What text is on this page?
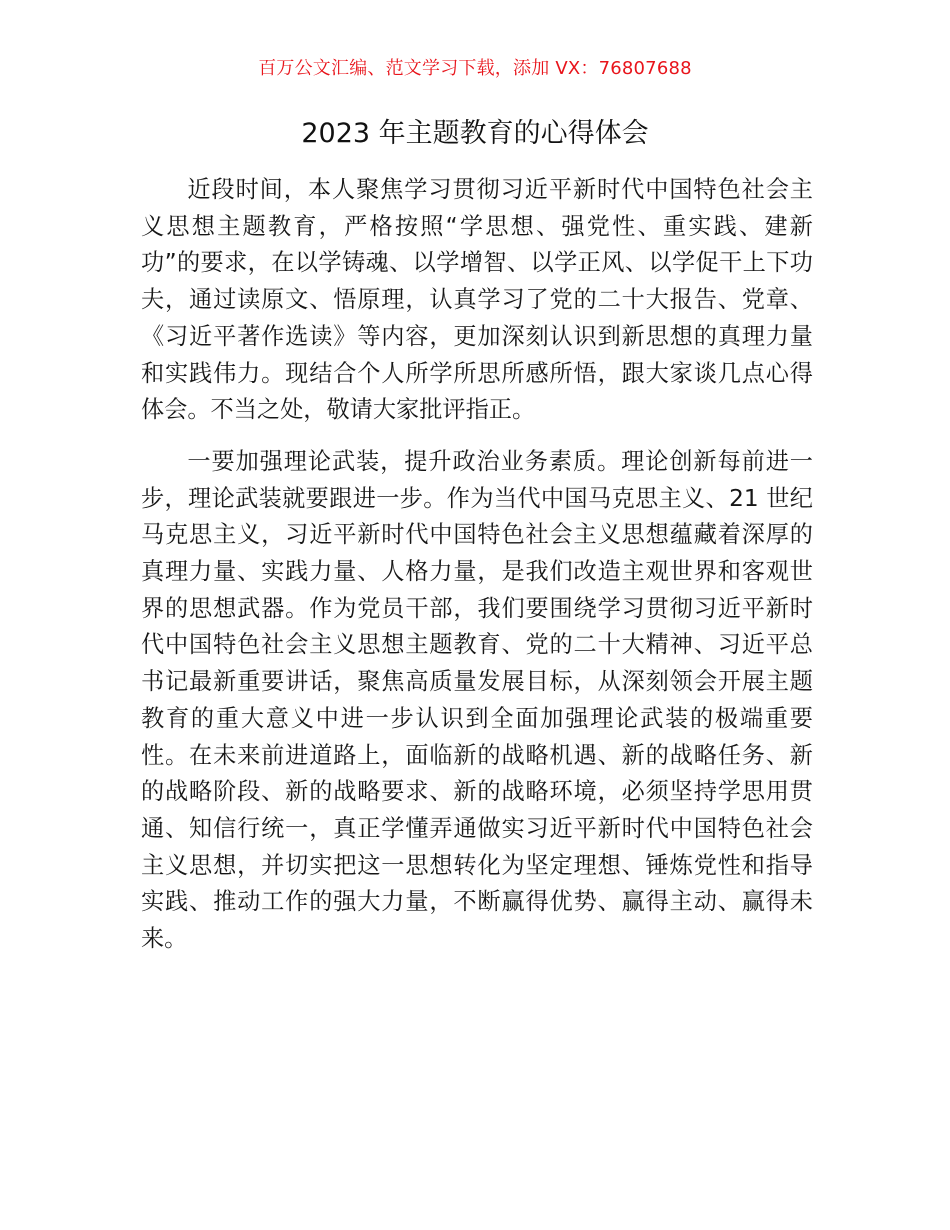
百万公文汇编、范文学习下载，添加 VX：76807688
2023 年主题教育的心得体会

近段时间，本人聚焦学习贯彻习近平新时代中国特色社会主义思想主题教育，严格按照“学思想、强党性、重实践、建新功”的要求，在以学铸魂、以学增智、以学正风、以学促干上下功夫，通过读原文、悟原理，认真学习了党的二十大报告、党章、《习近平著作选读》等内容，更加深刻认识到新思想的真理力量和实践伟力。现结合个人所学所思所感所悟，跟大家谈几点心得体会。不当之处，敬请大家批评指正。

一要加强理论武装，提升政治业务素质。理论创新每前进一步，理论武装就要跟进一步。作为当代中国马克思主义、21 世纪马克思主义，习近平新时代中国特色社会主义思想蕴藏着深厚的真理力量、实践力量、人格力量，是我们改造主观世界和客观世界的思想武器。作为党员干部，我们要围绕学习贯彻习近平新时代中国特色社会主义思想主题教育、党的二十大精神、习近平总书记最新重要讲话，聚焦高质量发展目标，从深刻领会开展主题教育的重大意义中进一步认识到全面加强理论武装的极端重要性。在未来前进道路上，面临新的战略机遇、新的战略任务、新的战略阶段、新的战略要求、新的战略环境，必须坚持学思用贯通、知信行统一，真正学懂弄通做实习近平新时代中国特色社会主义思想，并切实把这一思想转化为坚定理想、锤炼党性和指导实践、推动工作的强大力量，不断赢得优势、赢得主动、赢得未来。
